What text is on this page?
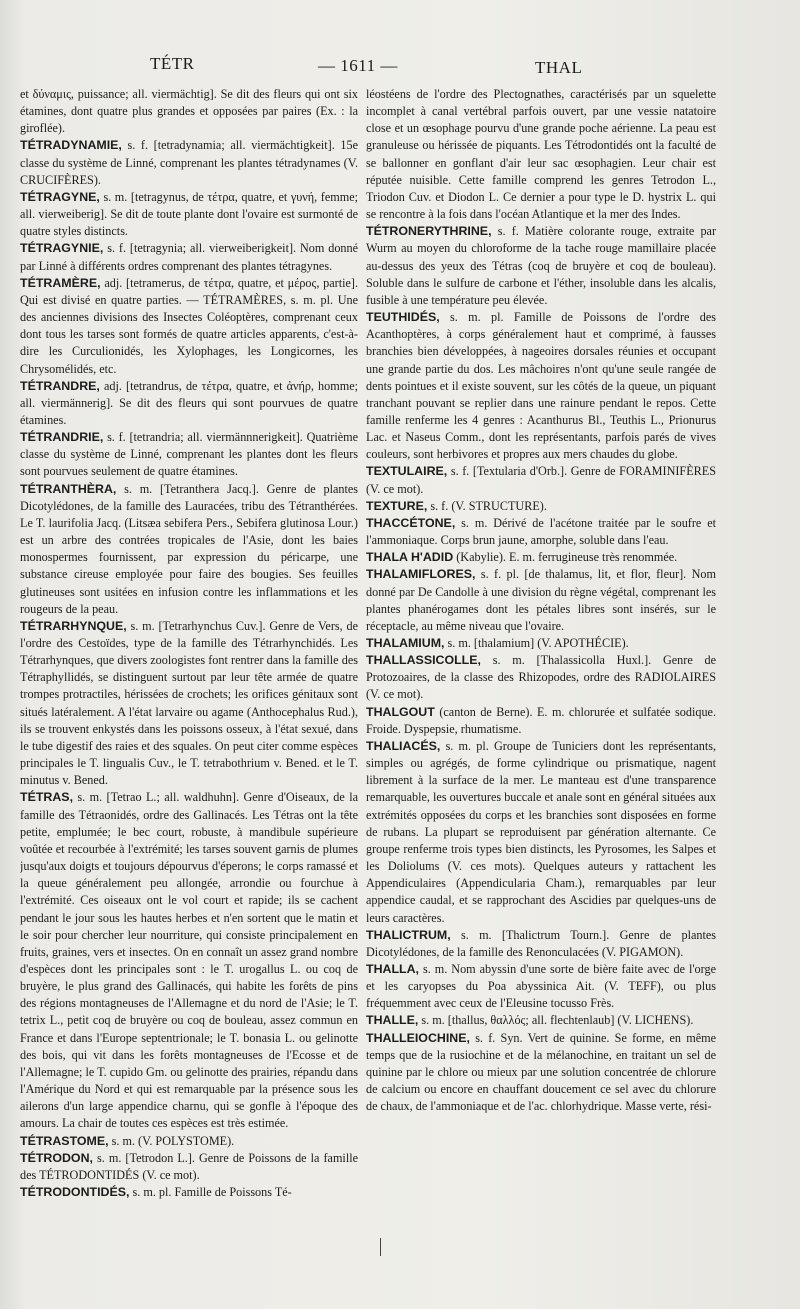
TÉTR	— 1611 —	THAL

et δύναμις, puissance; all. viermächtig]. Se dit des fleurs qui ont six étamines, dont quatre plus grandes et opposées par paires (Ex. : la giroflée).

TÉTRADYNAMIE, s. f. [tetradynamia; all. viermächtigkeit]. 15e classe du système de Linné, comprenant les plantes tétradynames (V. CRUCIFÈRES).

TÉTRAGYNE, s. m. [tetragynus, de τέτρα, quatre, et γυνή, femme; all. vierweiberig]. Se dit de toute plante dont l'ovaire est surmonté de quatre styles distincts.

TÉTRAGYNIE, s. f. [tetragynia; all. vierweiberigkeit]. Nom donné par Linné à différents ordres comprenant des plantes tétragynes.

TÉTRAMÈRE, adj. [tetramerus, de τέτρα, quatre, et μέρος, partie]. Qui est divisé en quatre parties. — TÉTRAMÈRES, s. m. pl. Une des anciennes divisions des Insectes Coléoptères, comprenant ceux dont tous les tarses sont formés de quatre articles apparents, c'est-à-dire les Curculionidés, les Xylophages, les Longicornes, les Chrysomélidés, etc.

TÉTRANDRE, adj. [tetrandrus, de τέτρα, quatre, et ἀνήρ, homme; all. viermännerig]. Se dit des fleurs qui sont pourvues de quatre étamines.

TÉTRANDRIE, s. f. [tetrandria; all. viermännnerigkeit]. Quatrième classe du système de Linné, comprenant les plantes dont les fleurs sont pourvues seulement de quatre étamines.

TÉTRANTHÈRA, s. m. [Tetranthera Jacq.]. Genre de plantes Dicotylédones, de la famille des Lauracées, tribu des Tétranthérées. Le T. laurifolia Jacq. (Litsæa sebifera Pers., Sebifera glutinosa Lour.) est un arbre des contrées tropicales de l'Asie, dont les baies monospermes fournissent, par expression du péricarpe, une substance cireuse employée pour faire des bougies. Ses feuilles glutineuses sont usitées en infusion contre les inflammations et les rougeurs de la peau.

TÉTRARHYNQUE, s. m. [Tetrarhynchus Cuv.]. Genre de Vers, de l'ordre des Cestoïdes, type de la famille des Tétrarhynchidés. Les Tétrarhynques, que divers zoologistes font rentrer dans la famille des Tétraphyllidés, se distinguent surtout par leur tête armée de quatre trompes protractiles, hérissées de crochets; les orifices génitaux sont situés latéralement. A l'état larvaire ou agame (Anthocephalus Rud.), ils se trouvent enkystés dans les poissons osseux, à l'état sexué, dans le tube digestif des raies et des squales. On peut citer comme espèces principales le T. lingualis Cuv., le T. tetrabothrium v. Bened. et le T. minutus v. Bened.

TÉTRAS, s. m. [Tetrao L.; all. waldhuhn]. Genre d'Oiseaux, de la famille des Tétraonidés, ordre des Gallinacés. Les Tétras ont la tête petite, emplumée; le bec court, robuste, à mandibule supérieure voûtée et recourbée à l'extrémité; les tarses souvent garnis de plumes jusqu'aux doigts et toujours dépourvus d'éperons; le corps ramassé et la queue généralement peu allongée, arrondie ou fourchue à l'extrémité. Ces oiseaux ont le vol court et rapide; ils se cachent pendant le jour sous les hautes herbes et n'en sortent que le matin et le soir pour chercher leur nourriture, qui consiste principalement en fruits, graines, vers et insectes. On en connaît un assez grand nombre d'espèces dont les principales sont : le T. urogallus L. ou coq de bruyère, le plus grand des Gallinacés, qui habite les forêts de pins des régions montagneuses de l'Allemagne et du nord de l'Asie; le T. tetrix L., petit coq de bruyère ou coq de bouleau, assez commun en France et dans l'Europe septentrionale; le T. bonasia L. ou gelinotte des bois, qui vit dans les forêts montagneuses de l'Ecosse et de l'Allemagne; le T. cupido Gm. ou gelinotte des prairies, répandu dans l'Amérique du Nord et qui est remarquable par la présence sous les ailerons d'un large appendice charnu, qui se gonfle à l'époque des amours. La chair de toutes ces espèces est très estimée.

TÉTRASTOME, s. m. (V. POLYSTOME).

TÉTRODON, s. m. [Tetrodon L.]. Genre de Poissons de la famille des TÉTRODONTIDÉS (V. ce mot).

TÉTRODONTIDÉS, s. m. pl. Famille de Poissons Té-

léostéens de l'ordre des Plectognathes, caractérisés par un squelette incomplet à canal vertébral parfois ouvert, par une vessie natatoire close et un œsophage pourvu d'une grande poche aérienne. La peau est granuleuse ou hérissée de piquants. Les Tétrodontidés ont la faculté de se ballonner en gonflant d'air leur sac œsophagien. Leur chair est réputée nuisible. Cette famille comprend les genres Tetrodon L., Triodon Cuv. et Diodon L. Ce dernier a pour type le D. hystrix L. qui se rencontre à la fois dans l'océan Atlantique et la mer des Indes.

TÉTRONERYTHRINE, s. f. Matière colorante rouge, extraite par Wurm au moyen du chloroforme de la tache rouge mamillaire placée au-dessus des yeux des Tétras (coq de bruyère et coq de bouleau). Soluble dans le sulfure de carbone et l'éther, insoluble dans les alcalis, fusible à une température peu élevée.

TEUTHIDÉS, s. m. pl. Famille de Poissons de l'ordre des Acanthoptères, à corps généralement haut et comprimé, à fausses branchies bien développées, à nageoires dorsales réunies et occupant une grande partie du dos. Les mâchoires n'ont qu'une seule rangée de dents pointues et il existe souvent, sur les côtés de la queue, un piquant tranchant pouvant se replier dans une rainure pendant le repos. Cette famille renferme les 4 genres : Acanthurus Bl., Teuthis L., Prionurus Lac. et Naseus Comm., dont les représentants, parfois parés de vives couleurs, sont herbivores et propres aux mers chaudes du globe.

TEXTULAIRE, s. f. [Textularia d'Orb.]. Genre de FORAMINIFÈRES (V. ce mot).

TEXTURE, s. f. (V. STRUCTURE).

THACCÉTONE, s. m. Dérivé de l'acétone traitée par le soufre et l'ammoniaque. Corps brun jaune, amorphe, soluble dans l'eau.

THALA H'ADID (Kabylie). E. m. ferrugineuse très renommée.

THALAMIFLORES, s. f. pl. [de thalamus, lit, et flor, fleur]. Nom donné par De Candolle à une division du règne végétal, comprenant les plantes phanérogames dont les pétales libres sont insérés, sur le réceptacle, au même niveau que l'ovaire.

THALAMIUM, s. m. [thalamium] (V. APOTHÉCIE).

THALLASSICOLLE, s. m. [Thalassicolla Huxl.]. Genre de Protozoaires, de la classe des Rhizopodes, ordre des RADIOLAIRES (V. ce mot).

THALGOUT (canton de Berne). E. m. chlorurée et sulfatée sodique. Froide. Dyspepsie, rhumatisme.

THALIACÉS, s. m. pl. Groupe de Tuniciers dont les représentants, simples ou agrégés, de forme cylindrique ou prismatique, nagent librement à la surface de la mer. Le manteau est d'une transparence remarquable, les ouvertures buccale et anale sont en général situées aux extrémités opposées du corps et les branchies sont disposées en forme de rubans. La plupart se reproduisent par génération alternante. Ce groupe renferme trois types bien distincts, les Pyrosomes, les Salpes et les Doliolums (V. ces mots). Quelques auteurs y rattachent les Appendiculaires (Appendicularia Cham.), remarquables par leur appendice caudal, et se rapprochant des Ascidies par quelques-uns de leurs caractères.

THALICTRUM, s. m. [Thalictrum Tourn.]. Genre de plantes Dicotylédones, de la famille des Renonculacées (V. PIGAMON).

THALLA, s. m. Nom abyssin d'une sorte de bière faite avec de l'orge et les caryopses du Poa abyssinica Ait. (V. TEFF), ou plus fréquemment avec ceux de l'Eleusine tocusso Frès.

THALLE, s. m. [thallus, θαλλός; all. flechtenlaub] (V. LICHENS).

THALLEIOCHINE, s. f. Syn. Vert de quinine. Se forme, en même temps que de la rusiochine et de la mélanochine, en traitant un sel de quinine par le chlore ou mieux par une solution concentrée de chlorure de calcium ou encore en chauffant doucement ce sel avec du chlorure de chaux, de l'ammoniaque et de l'ac. chlorhydrique. Masse verte, rési-
